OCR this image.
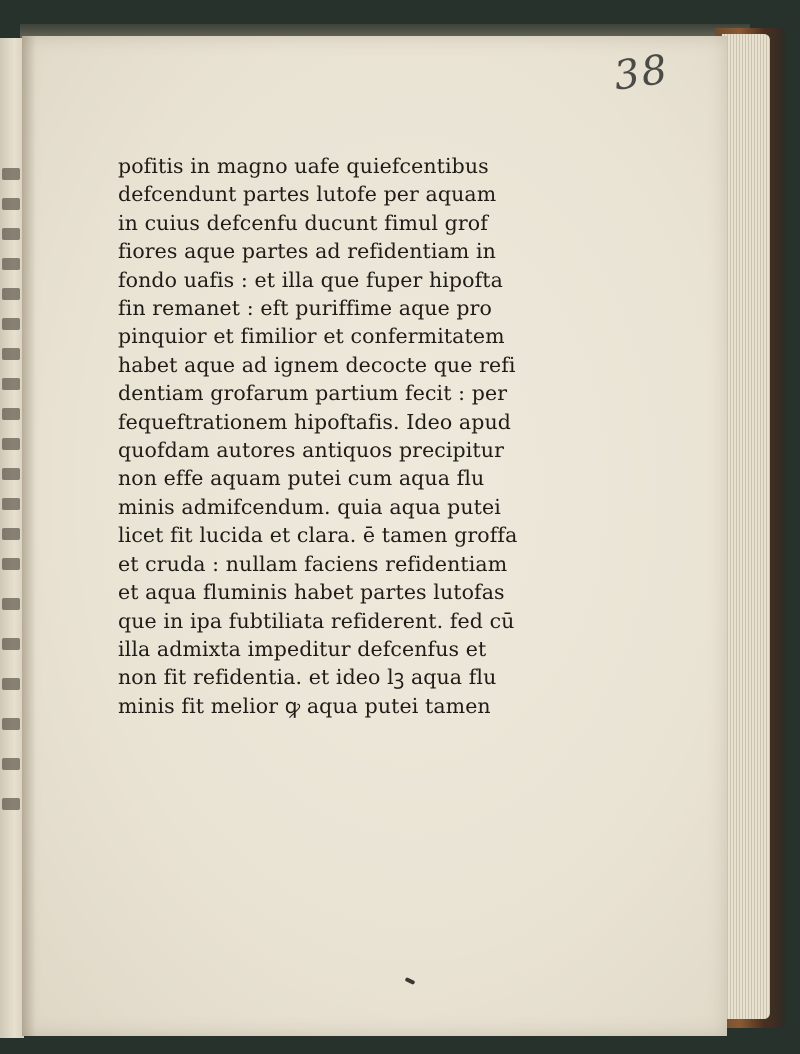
38
pofitis in magno uafe quiefcentibus
defcendunt partes lutofe per aquam
in cuius defcenfu ducunt fimul grof
fiores aque partes ad refidentiam in
fondo uafis : et illa que fuper hipofta
fin remanet : eft puriffime aque pro
pinquior et fimilior et confermitatem
habet aque ad ignem decocte que refi
dentiam grofarum partium fecit : per
fequeftrationem hipoftafis. Ideo apud
quofdam autores antiquos precipitur
non effe aquam putei cum aqua flu
minis admifcendum. quia aqua putei
licet fit lucida et clara. ē tamen groffa
et cruda : nullam faciens refidentiam
et aqua fluminis habet partes lutofas
que in ipa fubtiliata refiderent. fed cū
illa admixta impeditur defcenfus et
non fit refidentia. et ideo lꝫ aqua flu
minis fit melior ꝙ aqua putei tamen
